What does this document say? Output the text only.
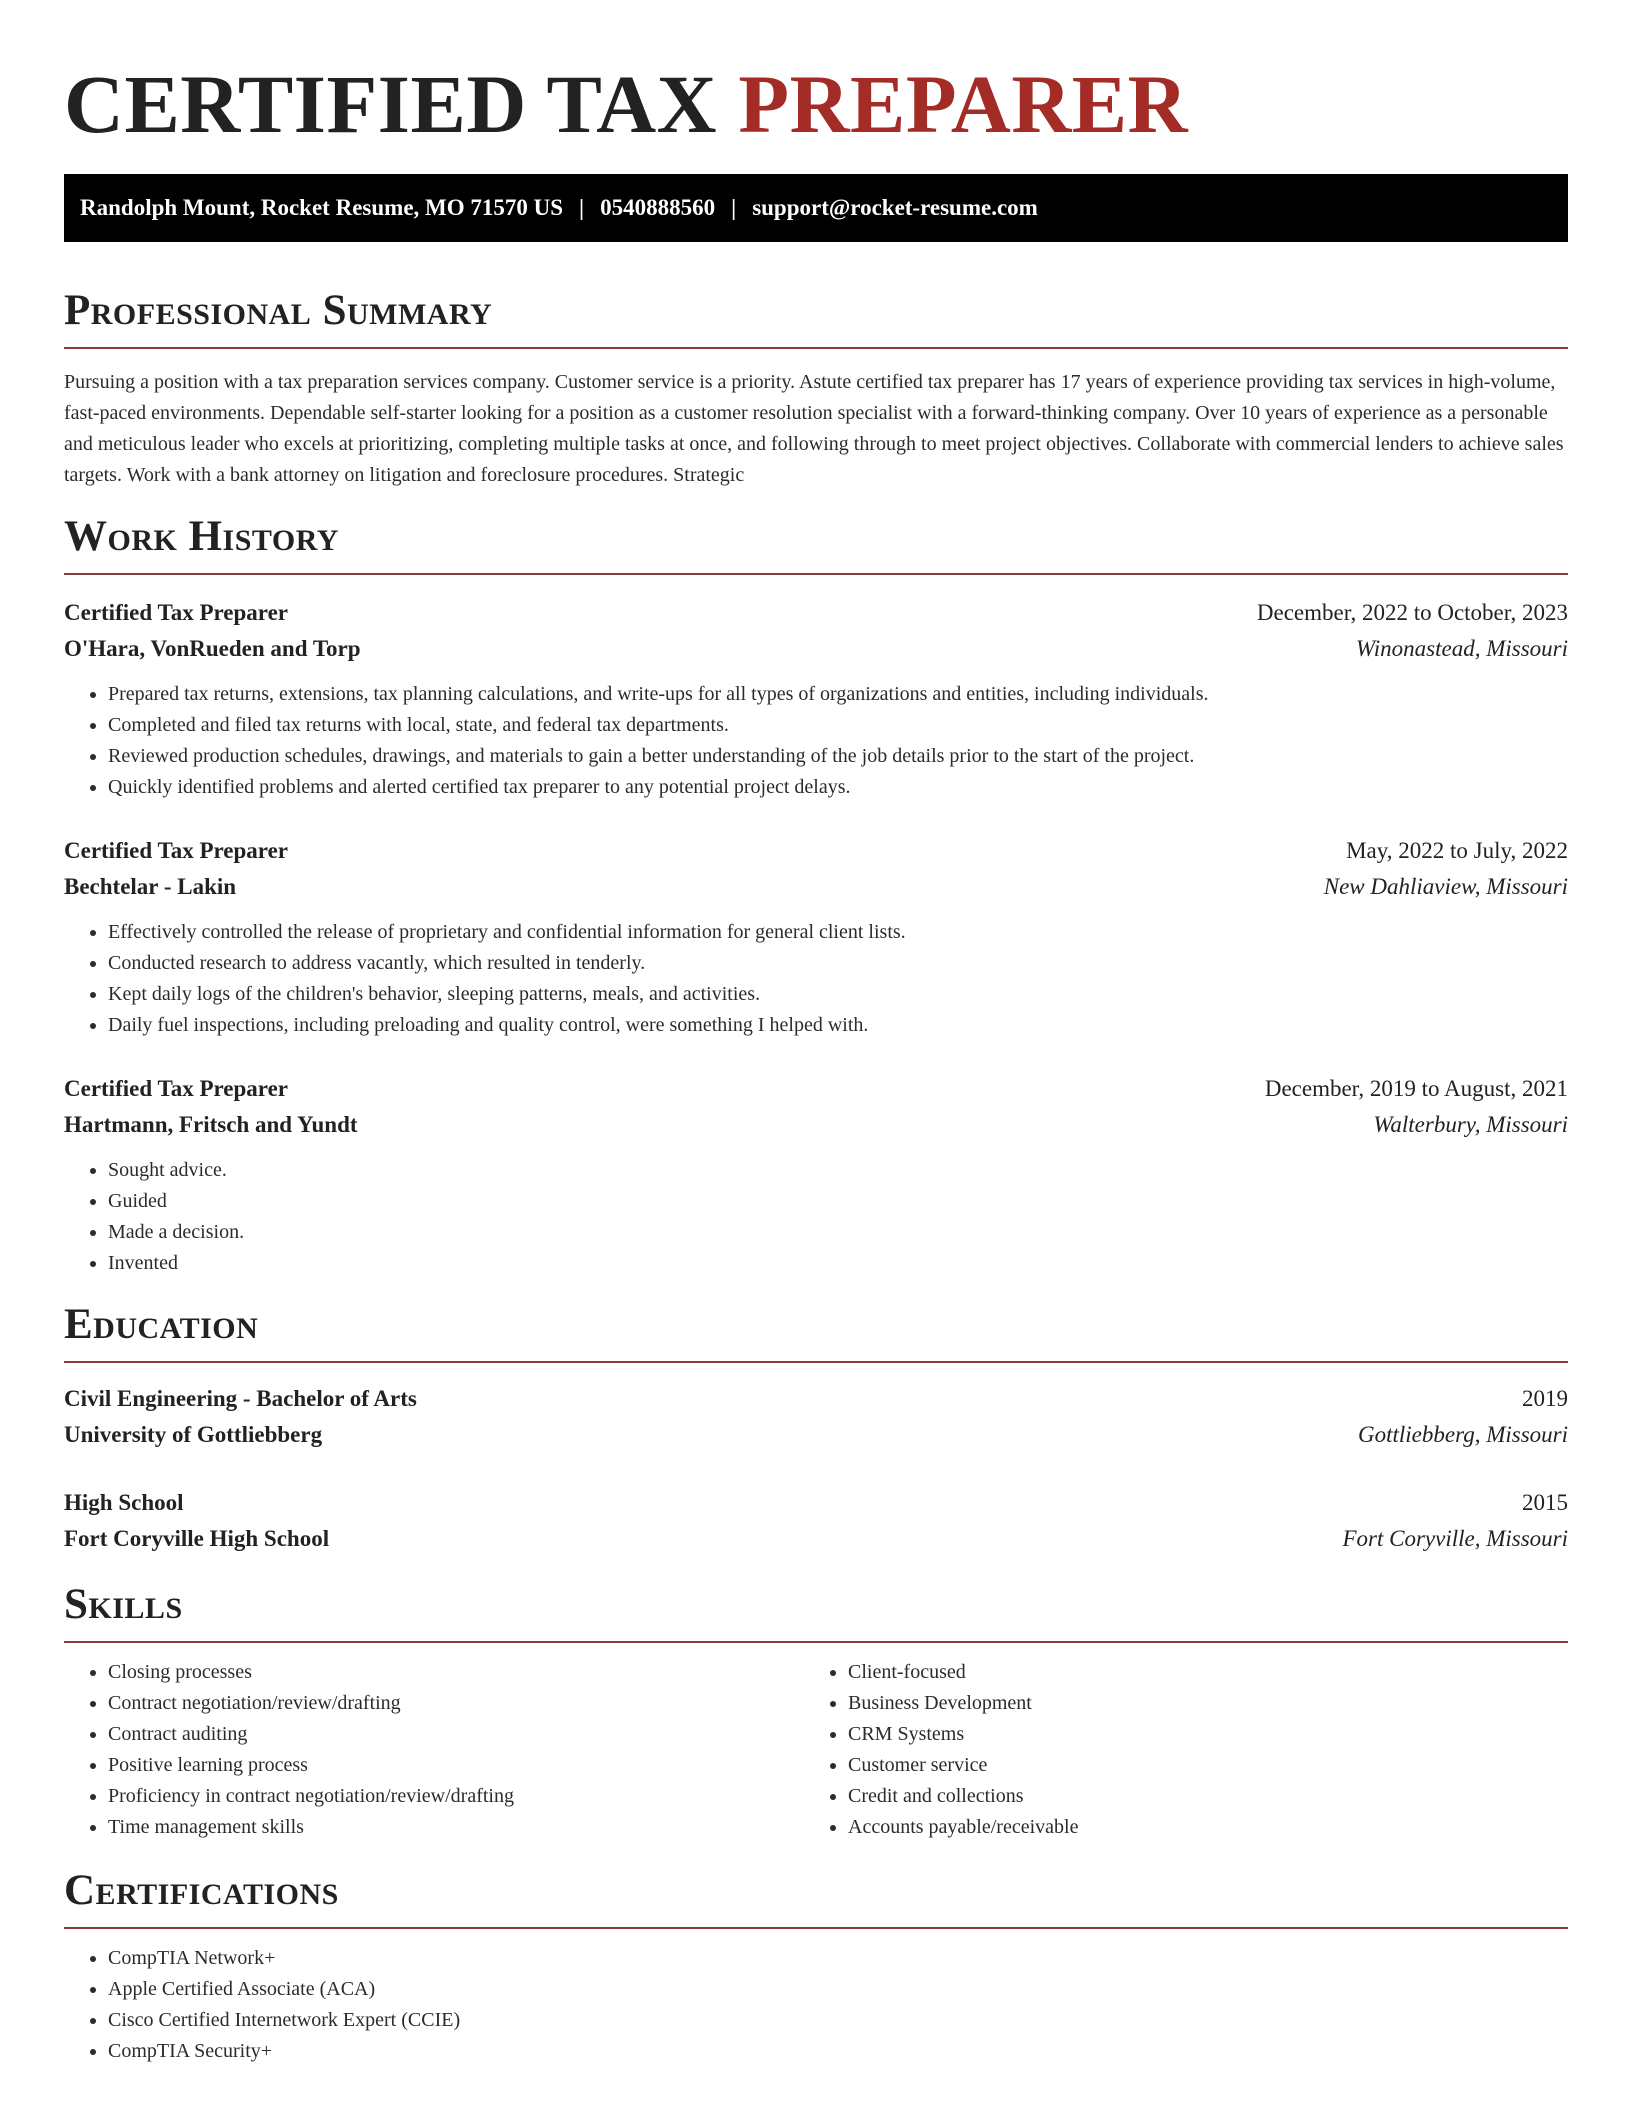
CERTIFIED TAX PREPARER
Randolph Mount, Rocket Resume, MO 71570 US | 0540888560 | support@rocket-resume.com
Professional Summary

Pursuing a position with a tax preparation services company. Customer service is a priority. Astute certified tax preparer has 17 years of experience providing tax services in high-volume, fast-paced environments. Dependable self-starter looking for a position as a customer resolution specialist with a forward-thinking company. Over 10 years of experience as a personable and meticulous leader who excels at prioritizing, completing multiple tasks at once, and following through to meet project objectives. Collaborate with commercial lenders to achieve sales targets. Work with a bank attorney on litigation and foreclosure procedures. Strategic

Work History
Certified Tax Preparer	December, 2022 to October, 2023
O'Hara, VonRueden and Torp	Winonastead, Missouri
• Prepared tax returns, extensions, tax planning calculations, and write-ups for all types of organizations and entities, including individuals.
• Completed and filed tax returns with local, state, and federal tax departments.
• Reviewed production schedules, drawings, and materials to gain a better understanding of the job details prior to the start of the project.
• Quickly identified problems and alerted certified tax preparer to any potential project delays.
Certified Tax Preparer	May, 2022 to July, 2022
Bechtelar - Lakin	New Dahliaview, Missouri
• Effectively controlled the release of proprietary and confidential information for general client lists.
• Conducted research to address vacantly, which resulted in tenderly.
• Kept daily logs of the children's behavior, sleeping patterns, meals, and activities.
• Daily fuel inspections, including preloading and quality control, were something I helped with.
Certified Tax Preparer	December, 2019 to August, 2021
Hartmann, Fritsch and Yundt	Walterbury, Missouri
• Sought advice.
• Guided
• Made a decision.
• Invented
Education
Civil Engineering - Bachelor of Arts	2019
University of Gottliebberg	Gottliebberg, Missouri
High School	2015
Fort Coryville High School	Fort Coryville, Missouri
Skills
• Closing processes
• Contract negotiation/review/drafting
• Contract auditing
• Positive learning process
• Proficiency in contract negotiation/review/drafting
• Time management skills
• Client-focused
• Business Development
• CRM Systems
• Customer service
• Credit and collections
• Accounts payable/receivable
Certifications
• CompTIA Network+
• Apple Certified Associate (ACA)
• Cisco Certified Internetwork Expert (CCIE)
• CompTIA Security+
